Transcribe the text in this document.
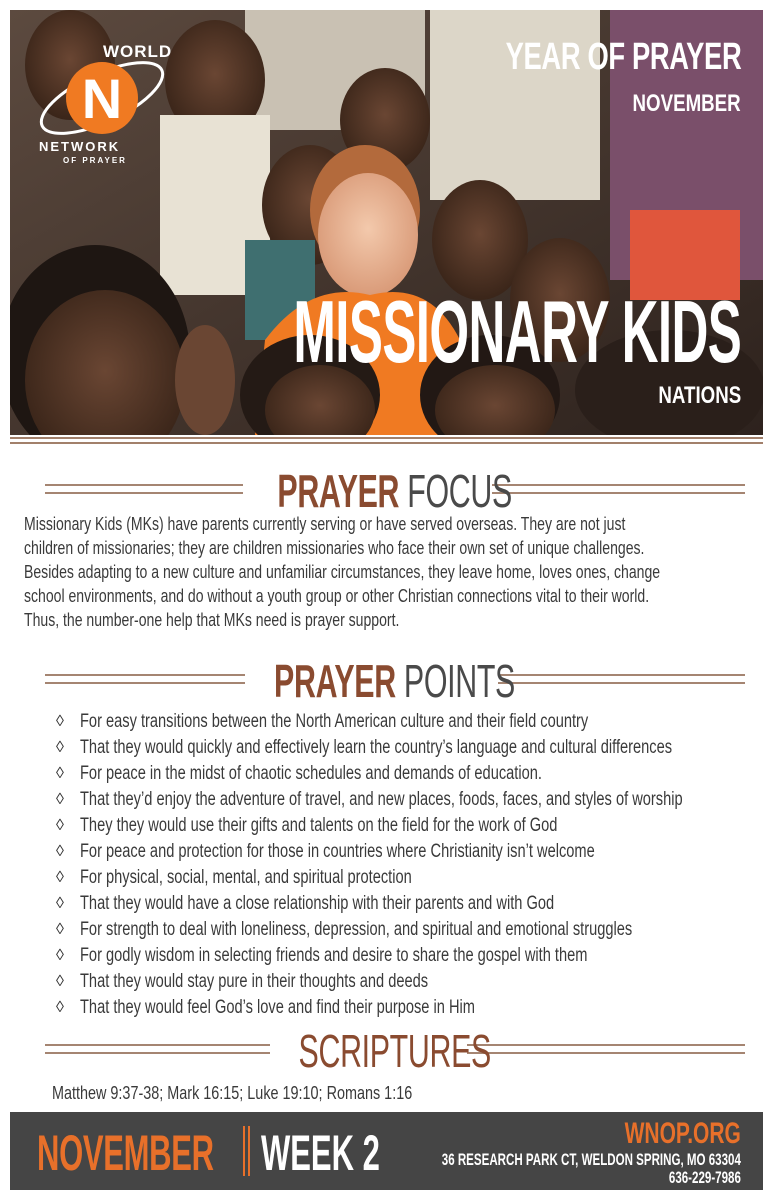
N
WORLD
NETWORK
OF PRAYER
YEAR OF PRAYER
NOVEMBER
MISSIONARY KIDS
NATIONS
PRAYER FOCUS
Missionary Kids (MKs) have parents currently serving or have served overseas. They are not just
children of missionaries; they are children missionaries who face their own set of unique challenges.
Besides adapting to a new culture and unfamiliar circumstances, they leave home, loves ones, change
school environments, and do without a youth group or other Christian connections vital to their world.
Thus, the number-one help that MKs need is prayer support.
PRAYER POINTS
◊ For easy transitions between the North American culture and their field country
◊ That they would quickly and effectively learn the country’s language and cultural differences
◊ For peace in the midst of chaotic schedules and demands of education.
◊ That they’d enjoy the adventure of travel, and new places, foods, faces, and styles of worship
◊ They they would use their gifts and talents on the field for the work of God
◊ For peace and protection for those in countries where Christianity isn’t welcome
◊ For physical, social, mental, and spiritual protection
◊ That they would have a close relationship with their parents and with God
◊ For strength to deal with loneliness, depression, and spiritual and emotional struggles
◊ For godly wisdom in selecting friends and desire to share the gospel with them
◊ That they would stay pure in their thoughts and deeds
◊ That they would feel God’s love and find their purpose in Him
SCRIPTURES
Matthew 9:37-38; Mark 16:15; Luke 19:10; Romans 1:16
NOVEMBER WEEK 2	WNOP.ORG
36 RESEARCH PARK CT, WELDON SPRING, MO 63304
636-229-7986
